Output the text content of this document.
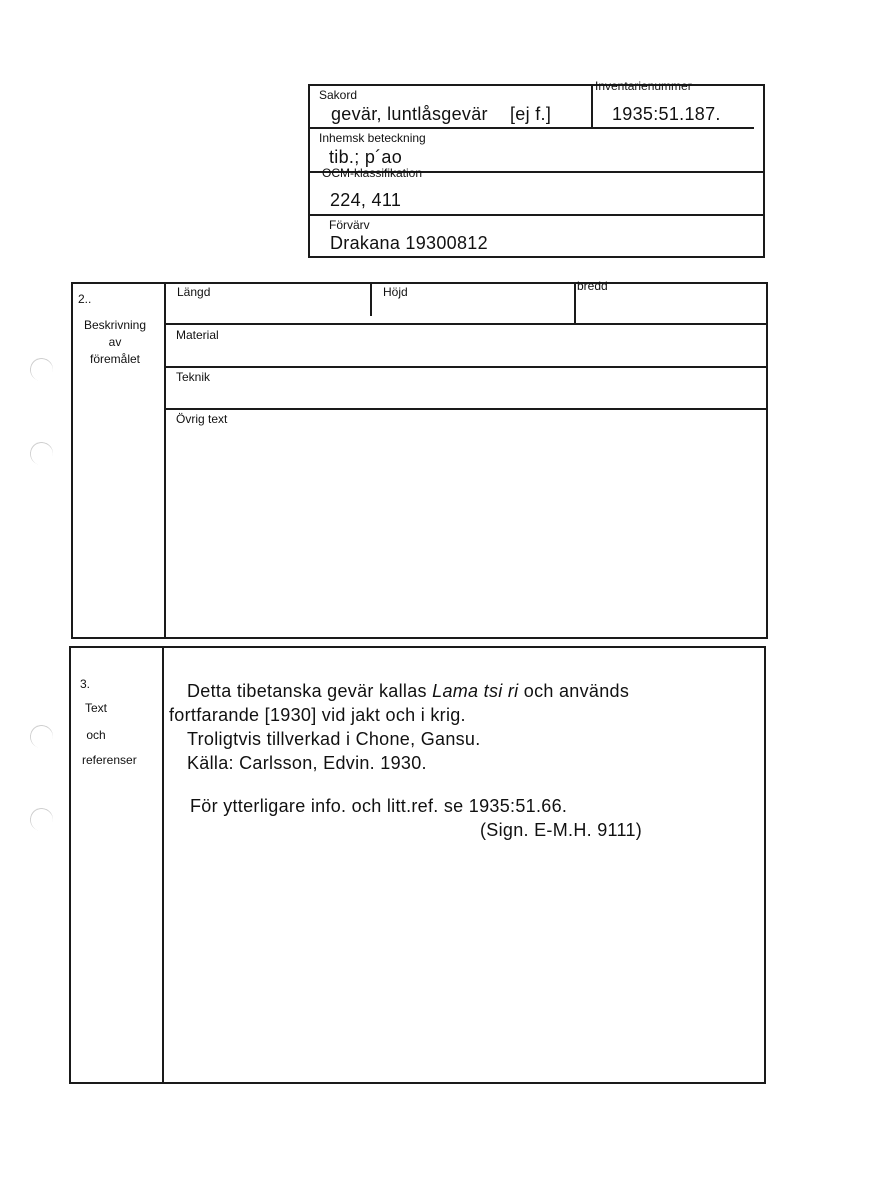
Sakord
gevär, luntlåsgevär [ej f.]
Inventarienummer
1935:51.187.
Inhemsk beteckning
tib.; p´ao
OCM-klassifikation
224, 411
Förvärv
Drakana 19300812
2..
Beskrivning
av
föremålet
Längd	Höjd	bredd
Material
Teknik
Övrig text
3.
Text
och
referenser
Detta tibetanska gevär kallas Lama tsi ri och används
fortfarande [1930] vid jakt och i krig.
Troligtvis tillverkad i Chone, Gansu.
Källa: Carlsson, Edvin. 1930.
För ytterligare info. och litt.ref. se 1935:51.66.
(Sign. E-M.H. 9111)
